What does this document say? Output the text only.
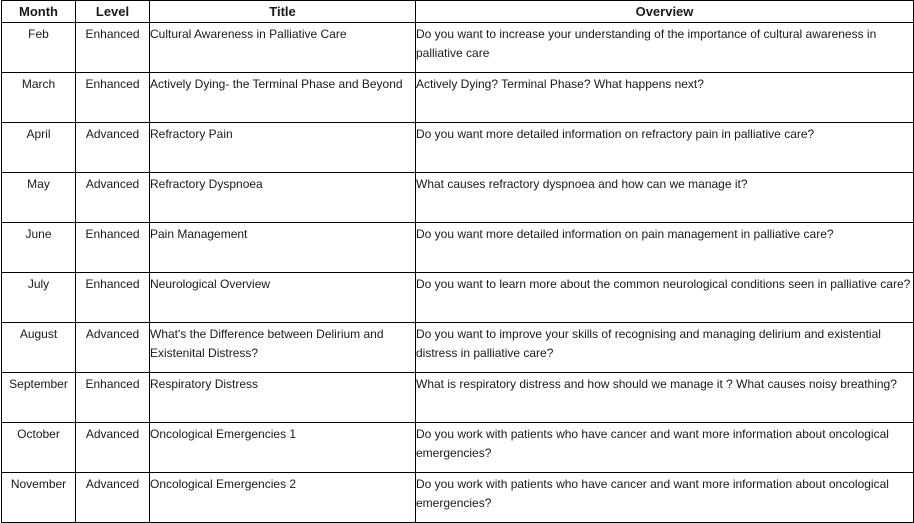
Month	Level	Title	Overview
Feb	Enhanced	Cultural Awareness in Palliative Care	Do you want to increase your understanding of the importance of cultural awareness in palliative care
March	Enhanced	Actively Dying- the Terminal Phase and Beyond	Actively Dying? Terminal Phase? What happens next?
April	Advanced	Refractory Pain	Do you want more detailed information on refractory pain in palliative care?
May	Advanced	Refractory Dyspnoea	What causes refractory dyspnoea and how can we manage it?
June	Enhanced	Pain Management	Do you want more detailed information on pain management in palliative care?
July	Enhanced	Neurological Overview	Do you want to learn more about the common neurological conditions seen in palliative care?
August	Advanced	What's the Difference between Delirium and Existenital Distress?	Do you want to improve your skills of recognising and managing delirium and existential distress in palliative care?
September	Enhanced	Respiratory Distress	What is respiratory distress and how should we manage it ? What causes noisy breathing?
October	Advanced	Oncological Emergencies 1	Do you work with patients who have cancer and want more information about oncological emergencies?
November	Advanced	Oncological Emergencies 2	Do you work with patients who have cancer and want more information about oncological emergencies?
